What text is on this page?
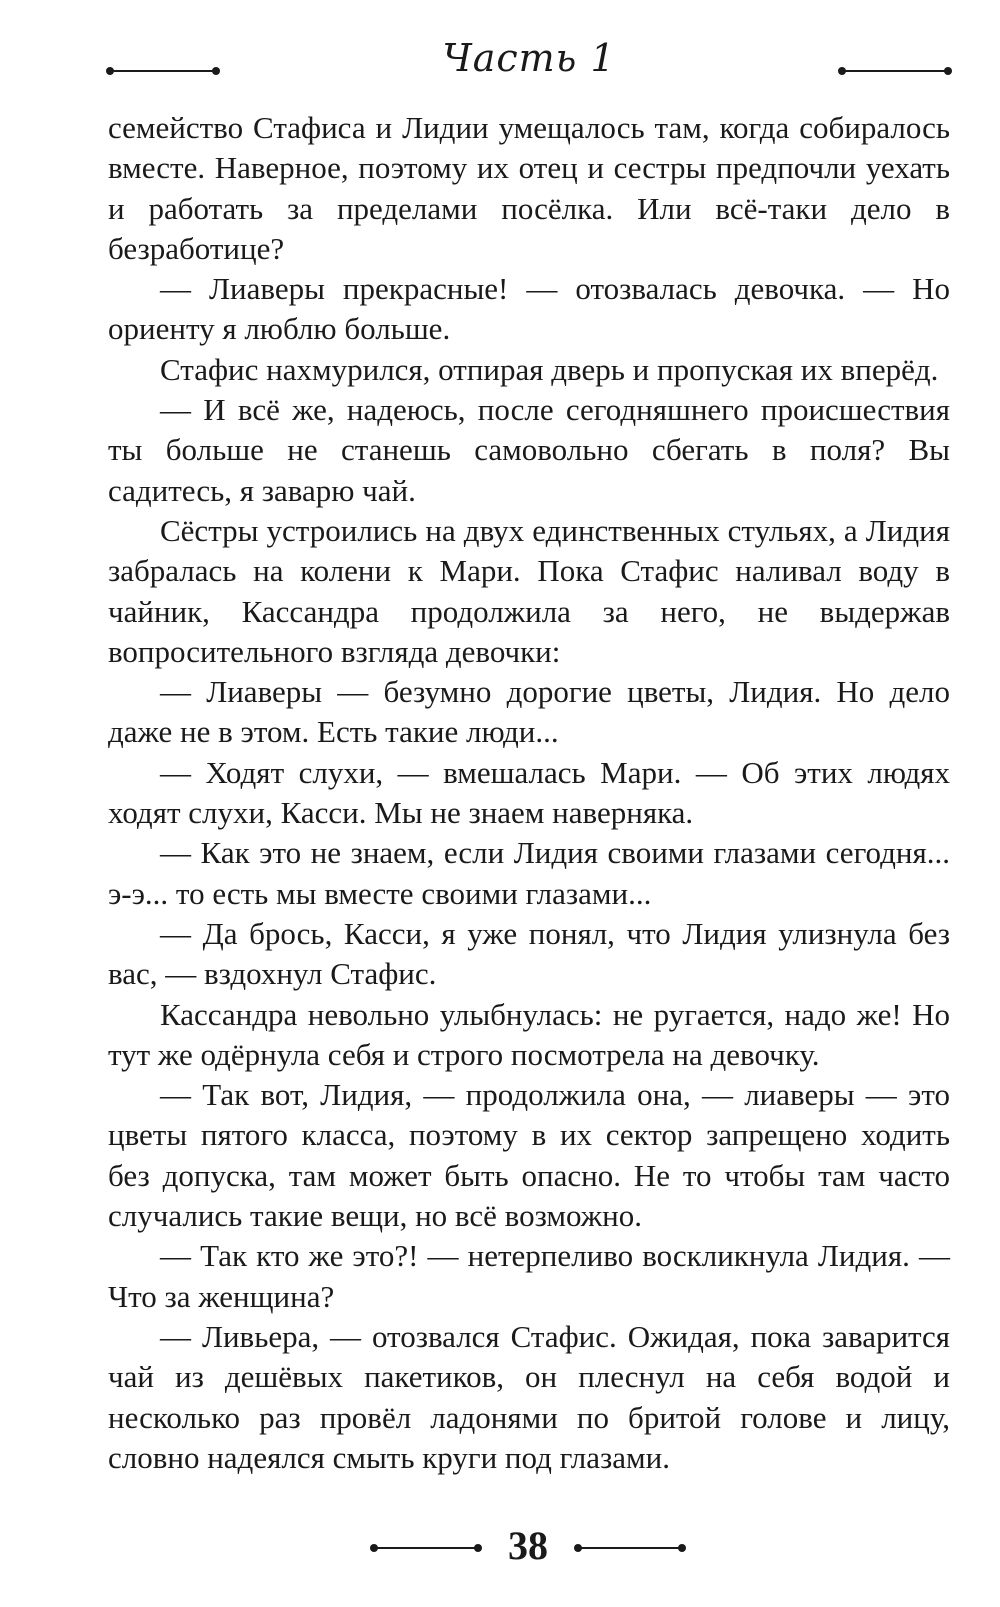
Часть 1

семейство Стафиса и Лидии умещалось там, когда собиралось вместе. Наверное, поэтому их отец и сестры предпочли уехать и работать за пределами посёлка. Или всё-таки дело в безработице?

— Лиаверы прекрасные! — отозвалась девочка. — Но ориенту я люблю больше.

Стафис нахмурился, отпирая дверь и пропуская их вперёд.

— И всё же, надеюсь, после сегодняшнего происшествия ты больше не станешь самовольно сбегать в поля? Вы садитесь, я заварю чай.

Сёстры устроились на двух единственных стульях, а Лидия забралась на колени к Мари. Пока Стафис наливал воду в чайник, Кассандра продолжила за него, не выдержав вопросительного взгляда девочки:

— Лиаверы — безумно дорогие цветы, Лидия. Но дело даже не в этом. Есть такие люди...

— Ходят слухи, — вмешалась Мари. — Об этих людях ходят слухи, Касси. Мы не знаем наверняка.

— Как это не знаем, если Лидия своими глазами сегодня... э-э... то есть мы вместе своими глазами...

— Да брось, Касси, я уже понял, что Лидия улизнула без вас, — вздохнул Стафис.

Кассандра невольно улыбнулась: не ругается, надо же! Но тут же одёрнула себя и строго посмотрела на девочку.

— Так вот, Лидия, — продолжила она, — лиаверы — это цветы пятого класса, поэтому в их сектор запрещено ходить без допуска, там может быть опасно. Не то чтобы там часто случались такие вещи, но всё возможно.

— Так кто же это?! — нетерпеливо воскликнула Лидия. — Что за женщина?

— Ливьера, — отозвался Стафис. Ожидая, пока заварится чай из дешёвых пакетиков, он плеснул на себя водой и несколько раз провёл ладонями по бритой голове и лицу, словно надеялся смыть круги под глазами.

38
